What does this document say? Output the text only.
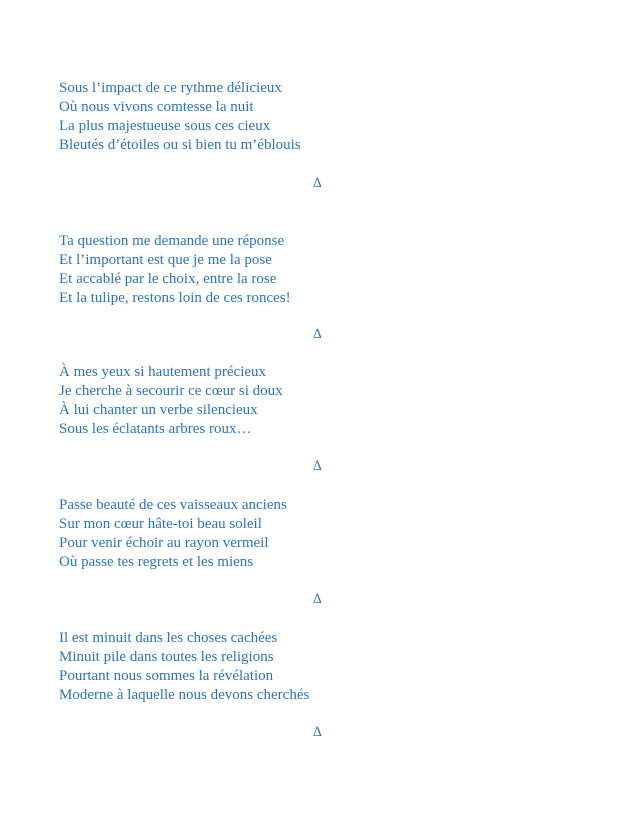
Sous l’impact de ce rythme délicieux
Où nous vivons comtesse la nuit
La plus majestueuse sous ces cieux
Bleutés d’étoiles ou si bien tu m’éblouis
∆
Ta question me demande une réponse
Et l’important est que je me la pose
Et accablé par le choix, entre la rose
Et la tulipe, restons loin de ces ronces!
∆
À mes yeux si hautement précieux
Je cherche à secourir ce cœur si doux
À lui chanter un verbe silencieux
Sous les éclatants arbres roux…
∆
Passe beauté de ces vaisseaux anciens
Sur mon cœur hâte-toi beau soleil
Pour venir échoir au rayon vermeil
Où passe tes regrets et les miens
∆
Il est minuit dans les choses cachées
Minuit pile dans toutes les religions
Pourtant nous sommes la révélation
Moderne à laquelle nous devons cherchés
∆
